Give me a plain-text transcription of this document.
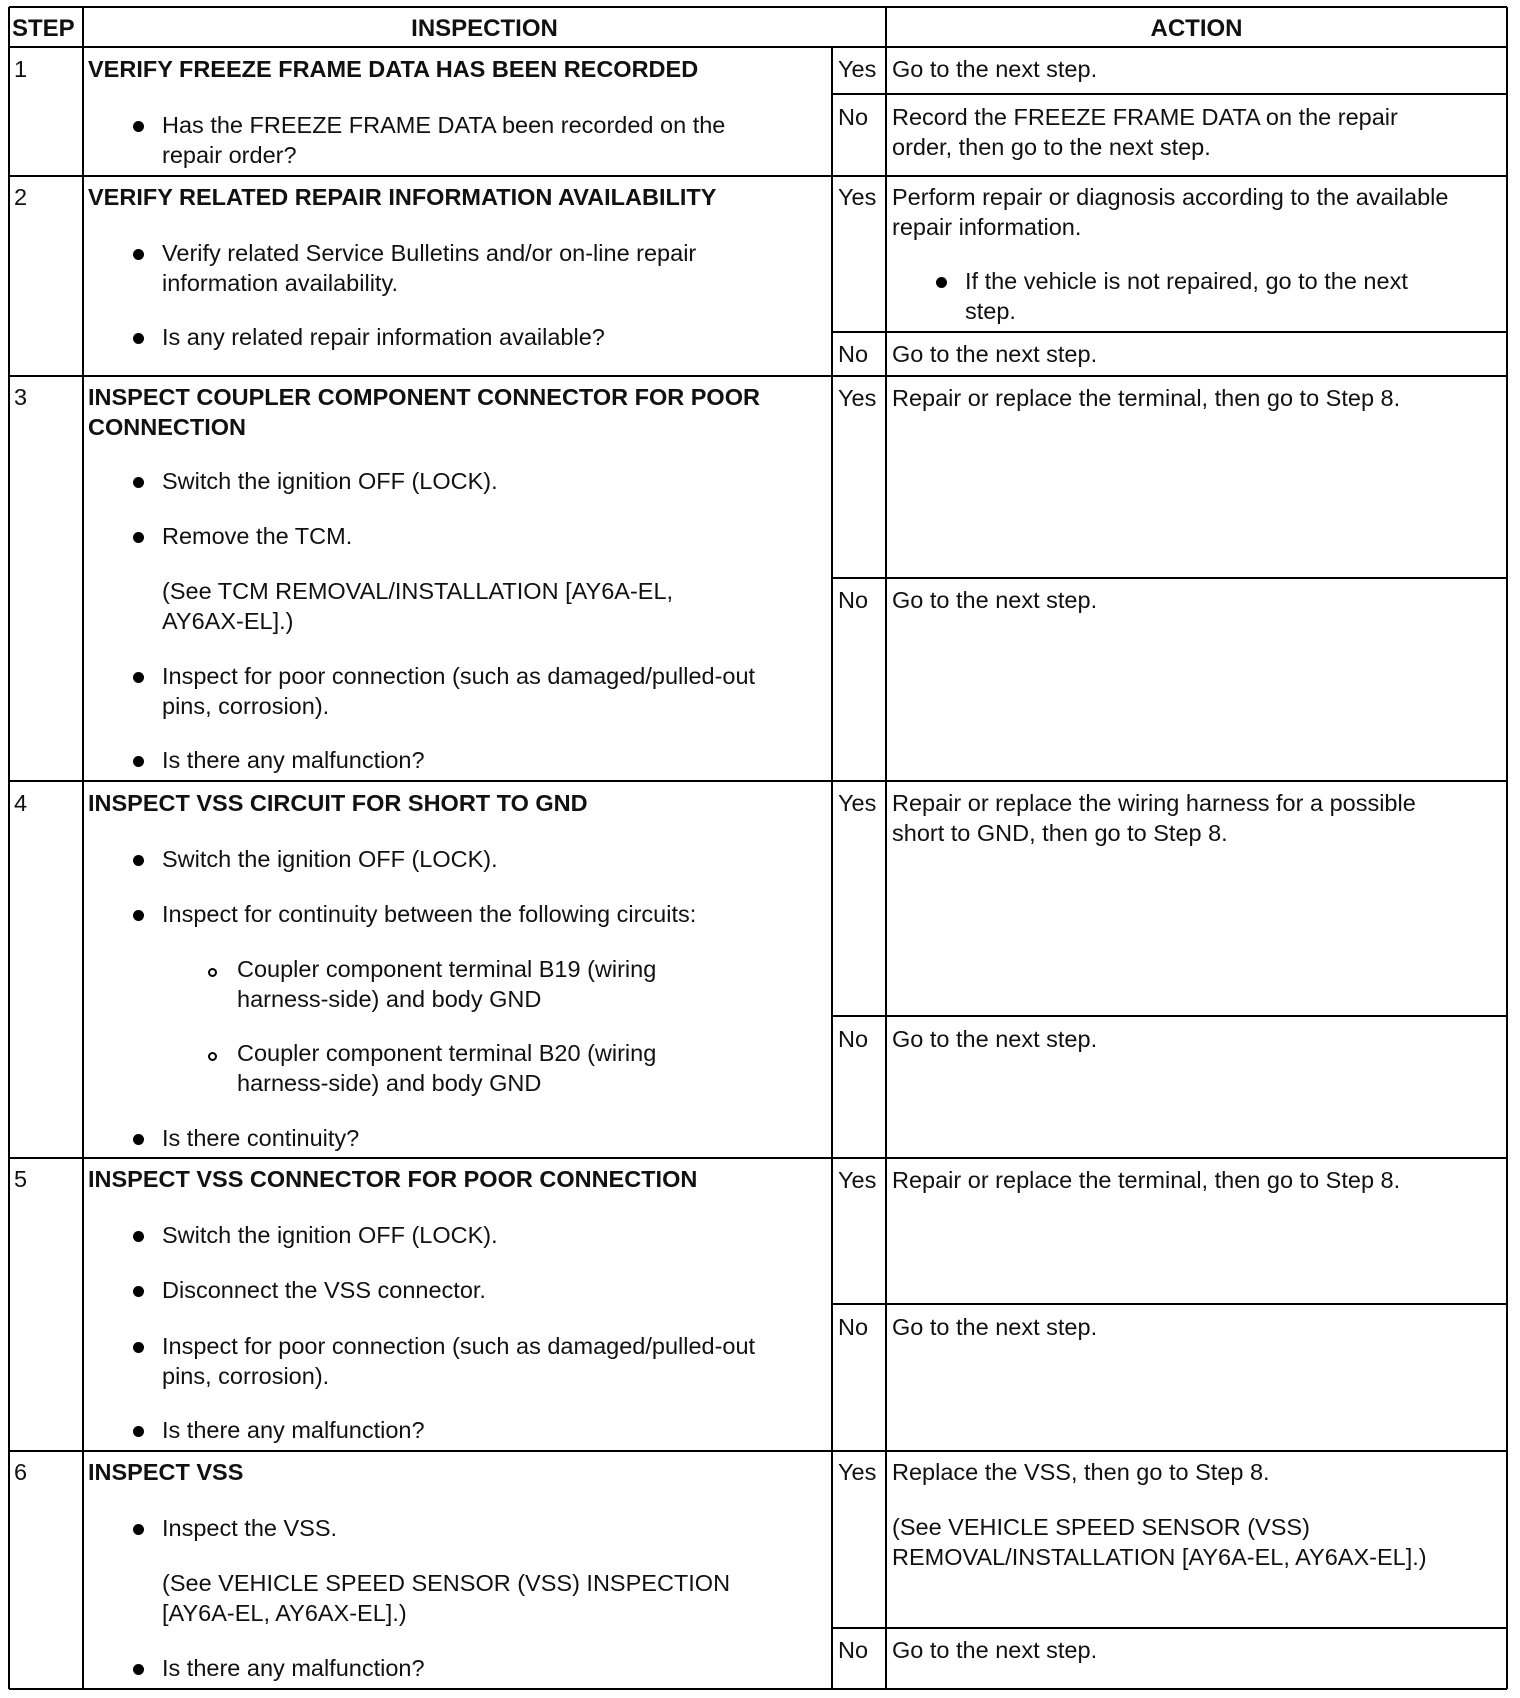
STEP	INSPECTION	ACTION
1	VERIFY FREEZE FRAME DATA HAS BEEN RECORDED
Has the FREEZE FRAME DATA been recorded on the repair order?
Yes Go to the next step.
No Record the FREEZE FRAME DATA on the repair order, then go to the next step.
2	VERIFY RELATED REPAIR INFORMATION AVAILABILITY
Verify related Service Bulletins and/or on-line repair information availability.
Is any related repair information available?
Yes Perform repair or diagnosis according to the available repair information.
If the vehicle is not repaired, go to the next step.
No Go to the next step.
3	INSPECT COUPLER COMPONENT CONNECTOR FOR POOR CONNECTION
Switch the ignition OFF (LOCK).
Remove the TCM.
(See TCM REMOVAL/INSTALLATION [AY6A-EL, AY6AX-EL].)
Inspect for poor connection (such as damaged/pulled-out pins, corrosion).
Is there any malfunction?
Yes Repair or replace the terminal, then go to Step 8.
No Go to the next step.
4	INSPECT VSS CIRCUIT FOR SHORT TO GND
Switch the ignition OFF (LOCK).
Inspect for continuity between the following circuits:
Coupler component terminal B19 (wiring harness-side) and body GND
Coupler component terminal B20 (wiring harness-side) and body GND
Is there continuity?
Yes Repair or replace the wiring harness for a possible short to GND, then go to Step 8.
No Go to the next step.
5	INSPECT VSS CONNECTOR FOR POOR CONNECTION
Switch the ignition OFF (LOCK).
Disconnect the VSS connector.
Inspect for poor connection (such as damaged/pulled-out pins, corrosion).
Is there any malfunction?
Yes Repair or replace the terminal, then go to Step 8.
No Go to the next step.
6	INSPECT VSS
Inspect the VSS.
(See VEHICLE SPEED SENSOR (VSS) INSPECTION [AY6A-EL, AY6AX-EL].)
Is there any malfunction?
Yes Replace the VSS, then go to Step 8.
(See VEHICLE SPEED SENSOR (VSS) REMOVAL/INSTALLATION [AY6A-EL, AY6AX-EL].)
No Go to the next step.
